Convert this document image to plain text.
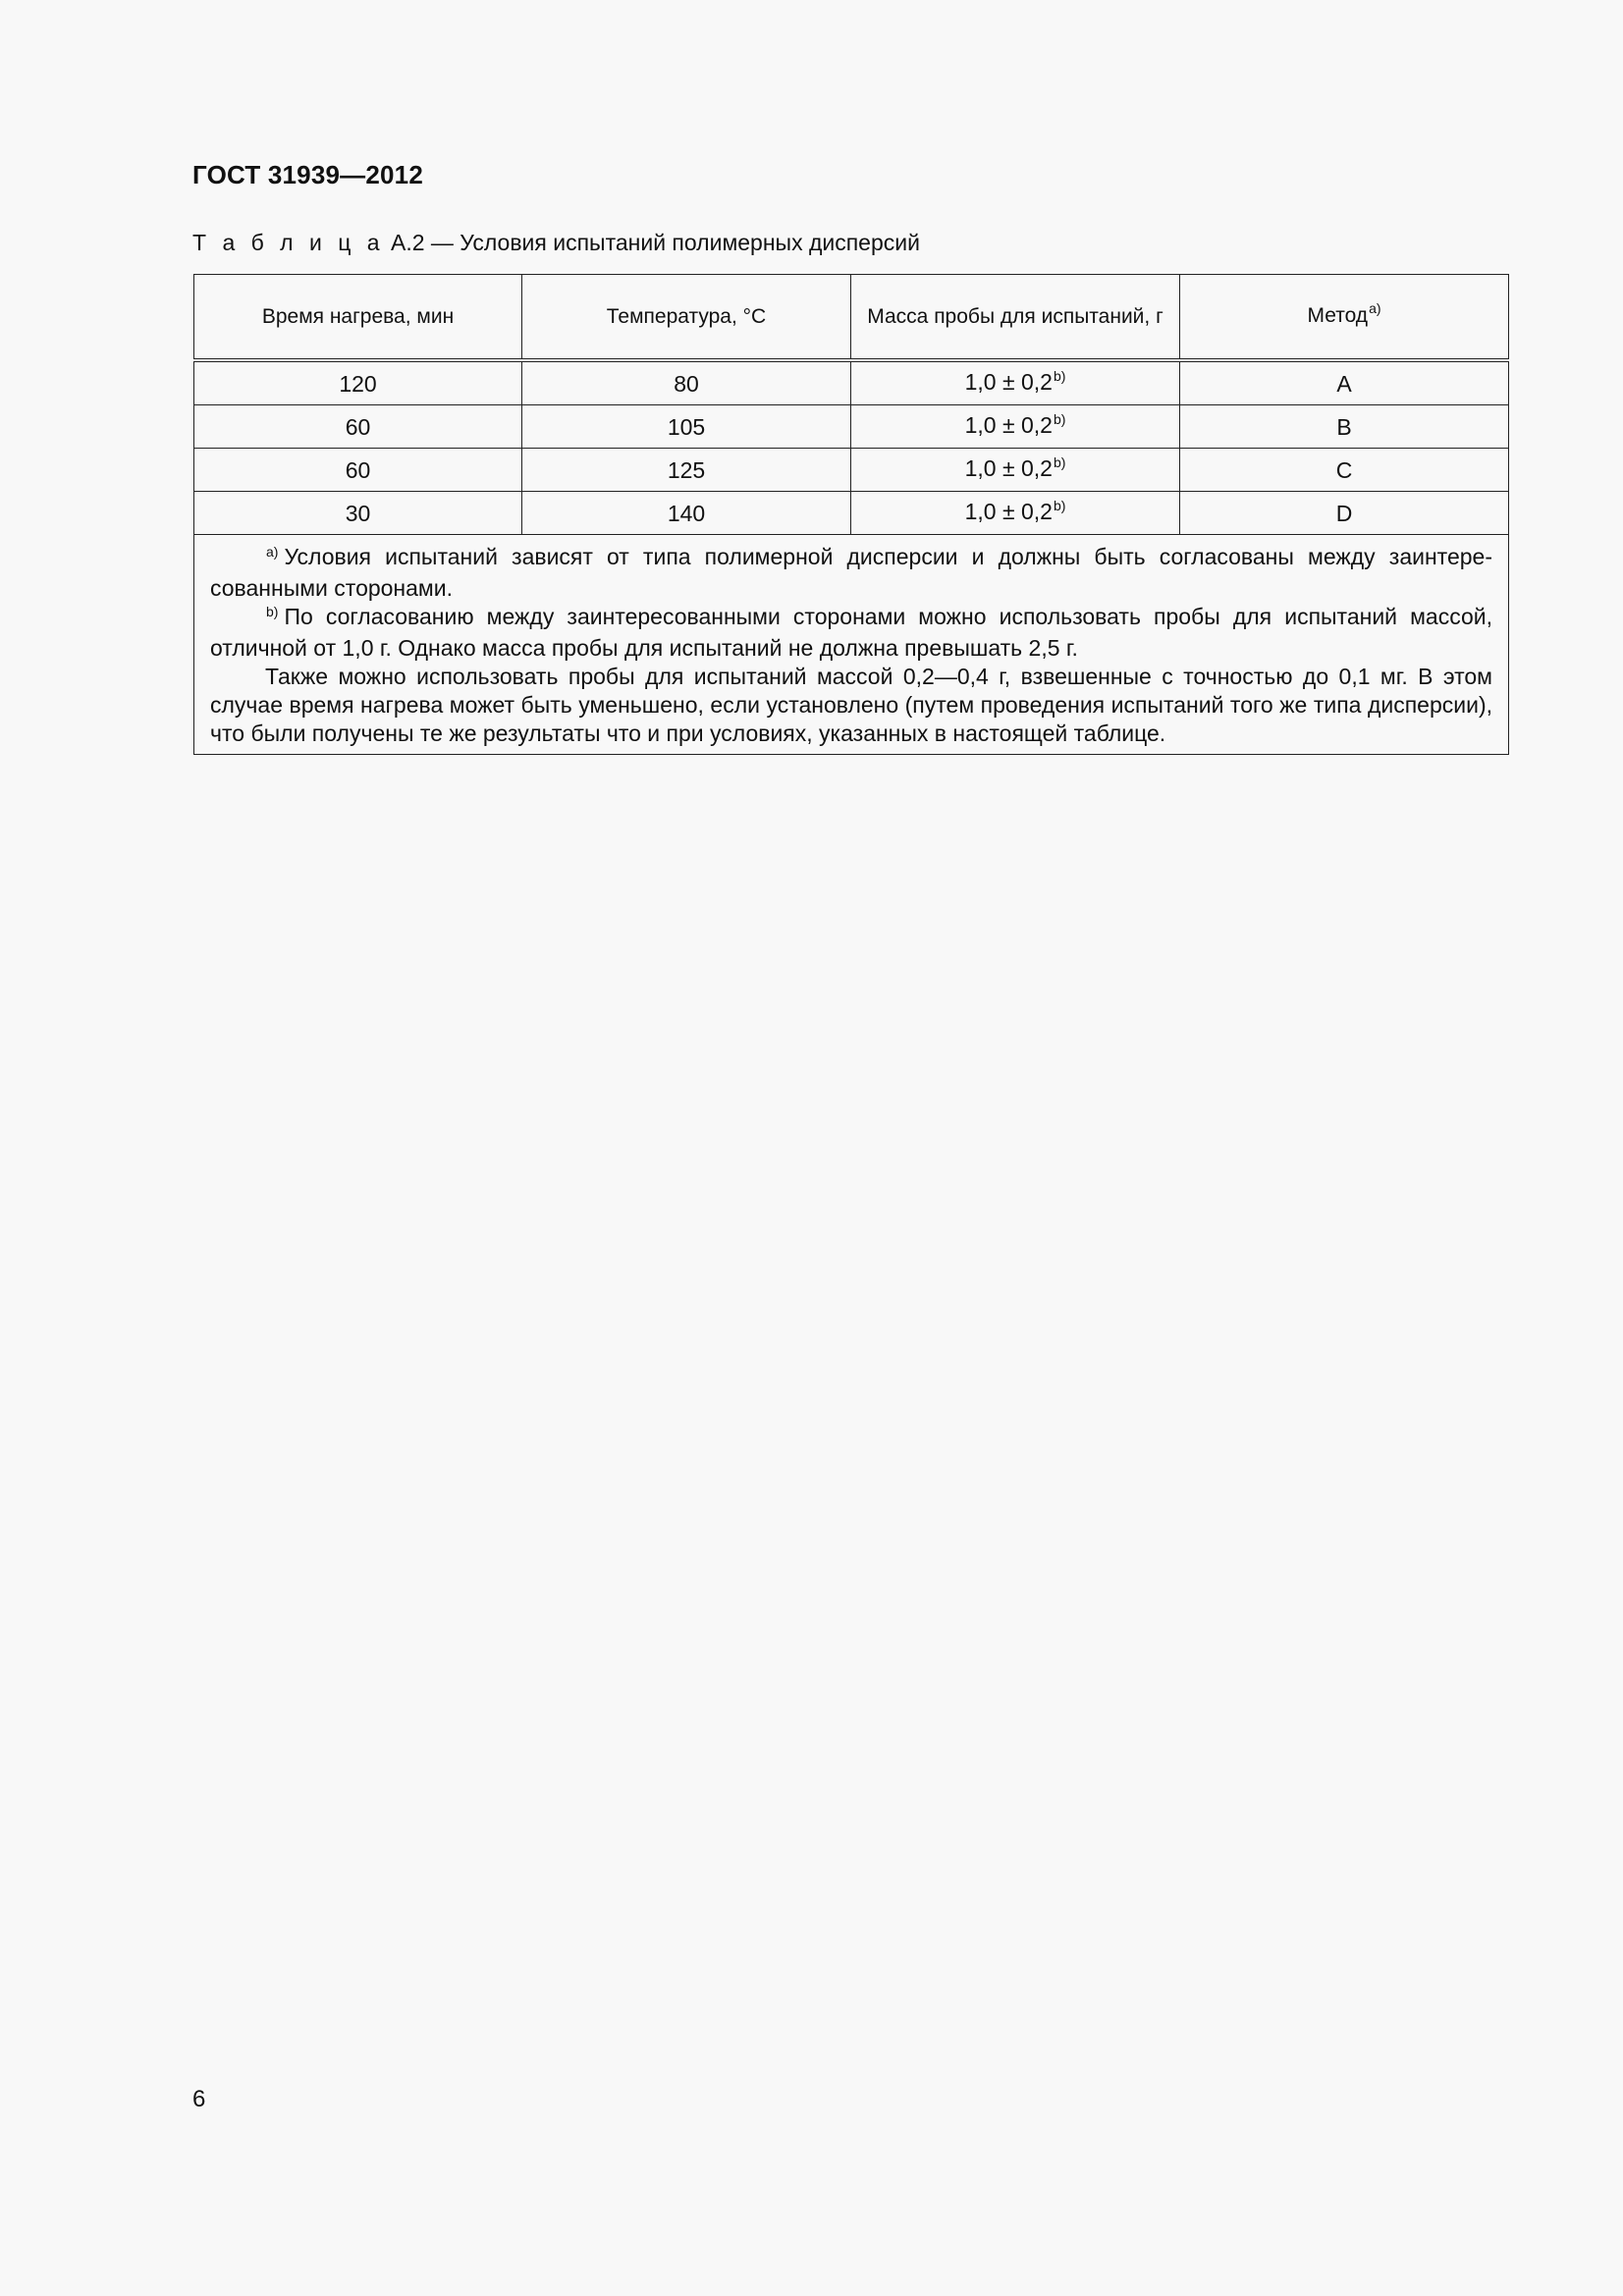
ГОСТ 31939—2012
Т а б л и ц а А.2 — Условия испытаний полимерных дисперсий
Время нагрева, мин	Температура, °С	Масса пробы для испытаний, г	Метод$^{а)}$
120	80	$1,0 \pm 0,2^{b)}$	A
60	105	$1,0 \pm 0,2^{b)}$	B
60	125	$1,0 \pm 0,2^{b)}$	C
30	140	$1,0 \pm 0,2^{b)}$	D

$^{а)}$ Условия испытаний зависят от типа полимерной дисперсии и должны быть согласованы между заинтересованными сторонами.

$^{b)}$ По согласованию между заинтересованными сторонами можно использовать пробы для испытаний массой, отличной от 1,0 г. Однако масса пробы для испытаний не должна превышать 2,5 г.

Также можно использовать пробы для испытаний массой 0,2—0,4 г, взвешенные с точностью до 0,1 мг. В этом случае время нагрева может быть уменьшено, если установлено (путем проведения испытаний того же типа дисперсии), что были получены те же результаты что и при условиях, указанных в настоящей таблице.			

6
